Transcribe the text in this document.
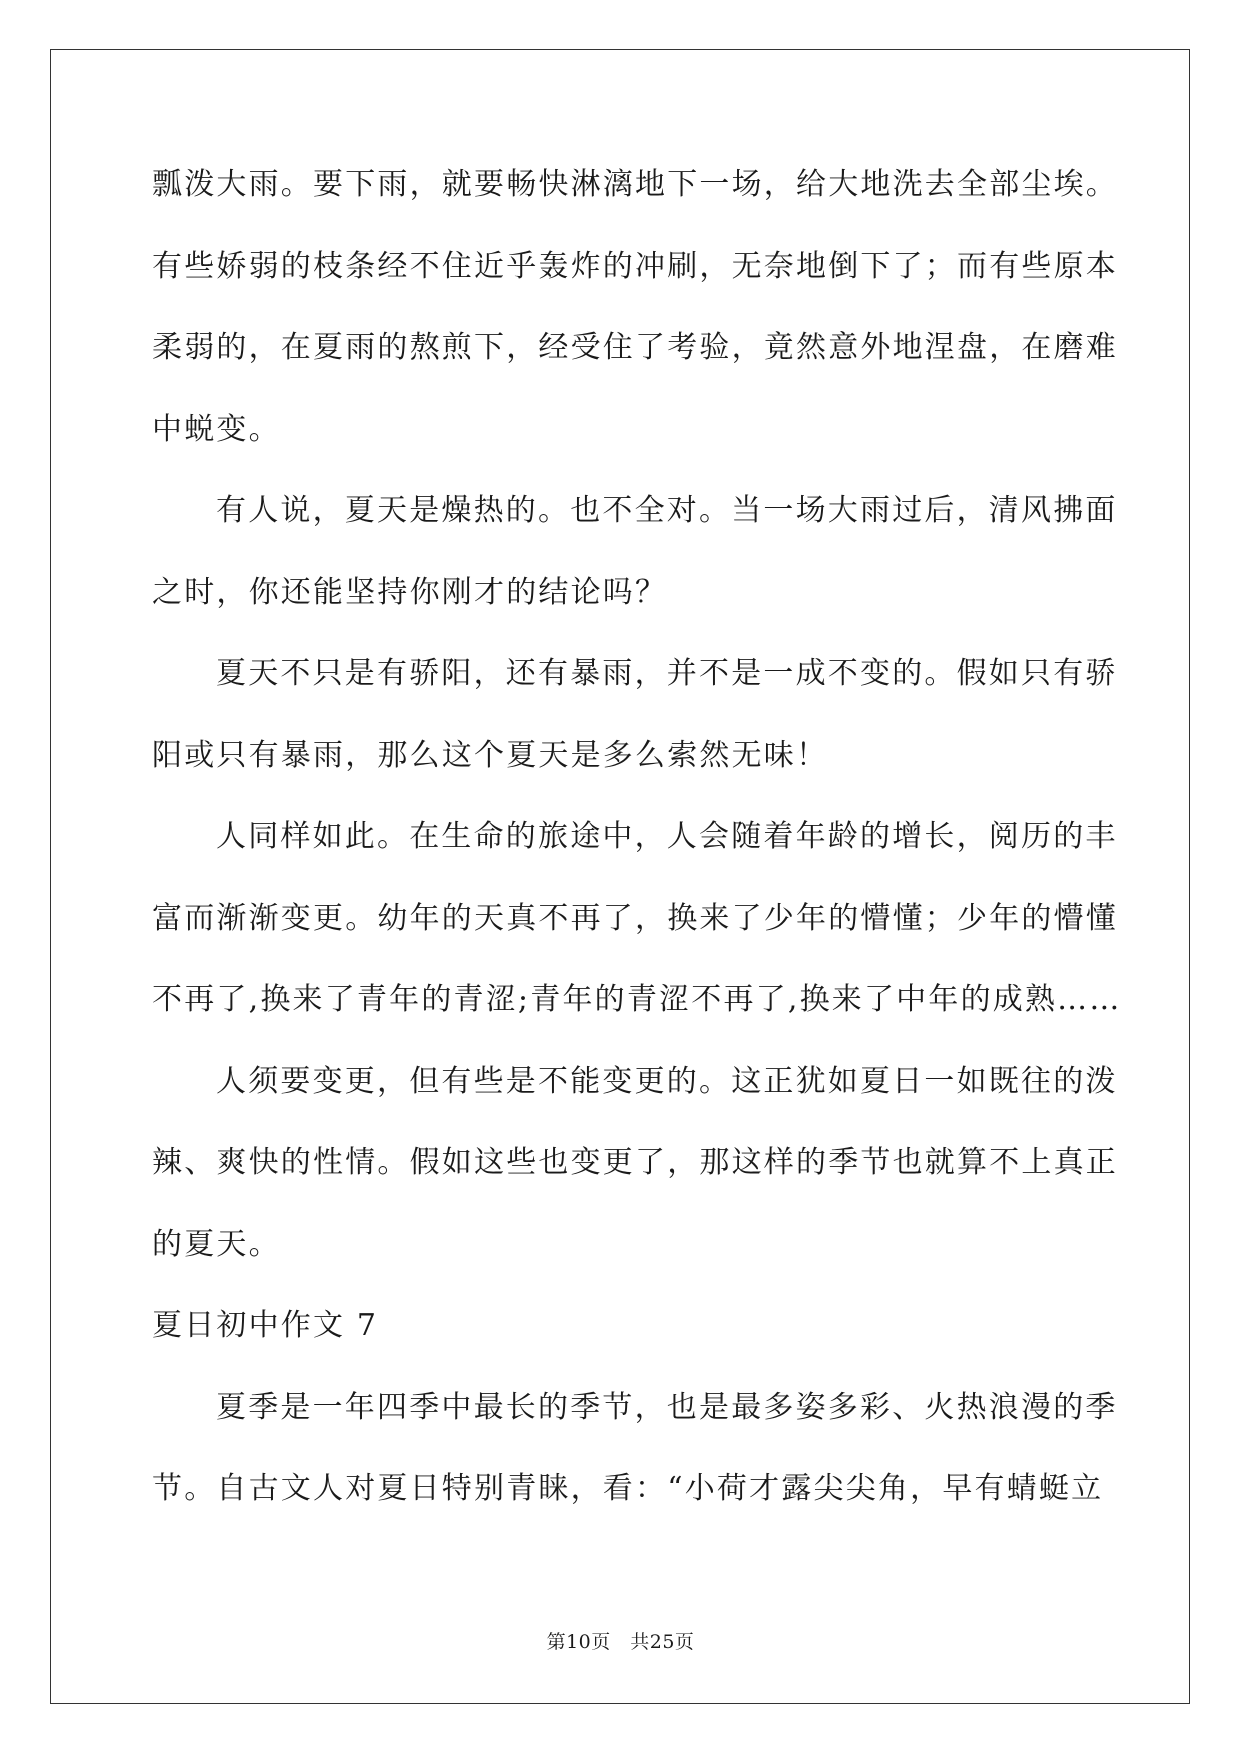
瓢泼大雨。要下雨，就要畅快淋漓地下一场，给大地洗去全部尘埃。
有些娇弱的枝条经不住近乎轰炸的冲刷，无奈地倒下了；而有些原本
柔弱的，在夏雨的熬煎下，经受住了考验，竟然意外地涅盘，在磨难
中蜕变。
有人说，夏天是燥热的。也不全对。当一场大雨过后，清风拂面
之时，你还能坚持你刚才的结论吗？
夏天不只是有骄阳，还有暴雨，并不是一成不变的。假如只有骄
阳或只有暴雨，那么这个夏天是多么索然无味！
人同样如此。在生命的旅途中，人会随着年龄的增长，阅历的丰
富而渐渐变更。幼年的天真不再了，换来了少年的懵懂；少年的懵懂
不再了,换来了青年的青涩;青年的青涩不再了,换来了中年的成熟……
人须要变更，但有些是不能变更的。这正犹如夏日一如既往的泼
辣、爽快的性情。假如这些也变更了，那这样的季节也就算不上真正
的夏天。
夏日初中作文 7
夏季是一年四季中最长的季节，也是最多姿多彩、火热浪漫的季
节。自古文人对夏日特别青睐，看：“小荷才露尖尖角，早有蜻蜓立
第10页　共25页
